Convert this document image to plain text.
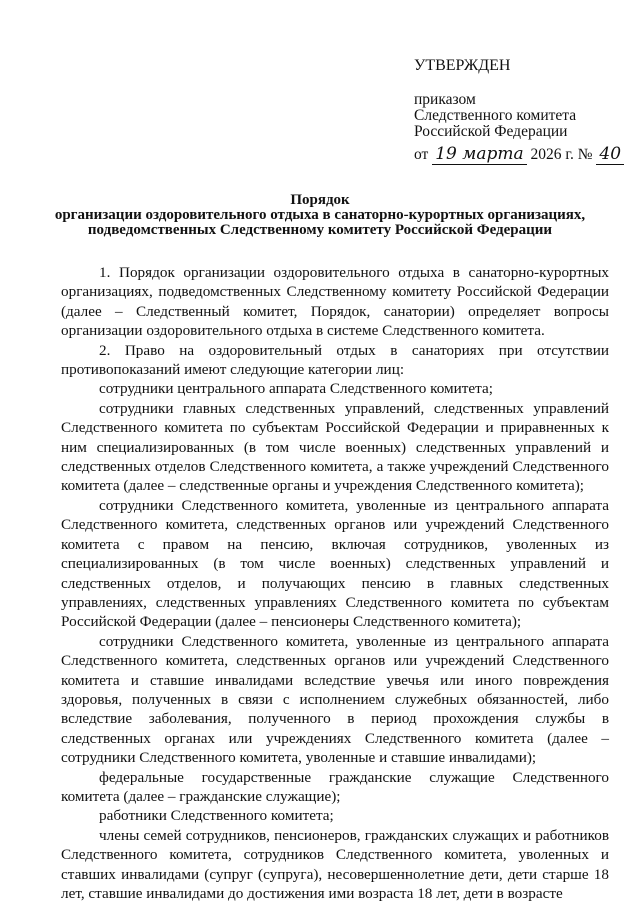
УТВЕРЖДЕН
приказом
Следственного комитета
Российской Федерации
от 19 марта 2026 г. № 40
Порядок
организации оздоровительного отдыха в санаторно-курортных организациях,
подведомственных Следственному комитету Российской Федерации

1. Порядок организации оздоровительного отдыха в санаторно-курортных организациях, подведомственных Следственному комитету Российской Федерации (далее – Следственный комитет, Порядок, санатории) определяет вопросы организации оздоровительного отдыха в системе Следственного комитета.

2. Право на оздоровительный отдых в санаториях при отсутствии противопоказаний имеют следующие категории лиц:

сотрудники центрального аппарата Следственного комитета;

сотрудники главных следственных управлений, следственных управлений Следственного комитета по субъектам Российской Федерации и приравненных к ним специализированных (в том числе военных) следственных управлений и следственных отделов Следственного комитета, а также учреждений Следственного комитета (далее – следственные органы и учреждения Следственного комитета);

сотрудники Следственного комитета, уволенные из центрального аппарата Следственного комитета, следственных органов или учреждений Следственного комитета с правом на пенсию, включая сотрудников, уволенных из специализированных (в том числе военных) следственных управлений и следственных отделов, и получающих пенсию в главных следственных управлениях, следственных управлениях Следственного комитета по субъектам Российской Федерации (далее – пенсионеры Следственного комитета);

сотрудники Следственного комитета, уволенные из центрального аппарата Следственного комитета, следственных органов или учреждений Следственного комитета и ставшие инвалидами вследствие увечья или иного повреждения здоровья, полученных в связи с исполнением служебных обязанностей, либо вследствие заболевания, полученного в период прохождения службы в следственных органах или учреждениях Следственного комитета (далее – сотрудники Следственного комитета, уволенные и ставшие инвалидами);

федеральные государственные гражданские служащие Следственного комитета (далее – гражданские служащие);

работники Следственного комитета;

члены семей сотрудников, пенсионеров, гражданских служащих и работников Следственного комитета, сотрудников Следственного комитета, уволенных и ставших инвалидами (супруг (супруга), несовершеннолетние дети, дети старше 18 лет, ставшие инвалидами до достижения ими возраста 18 лет, дети в возрасте
